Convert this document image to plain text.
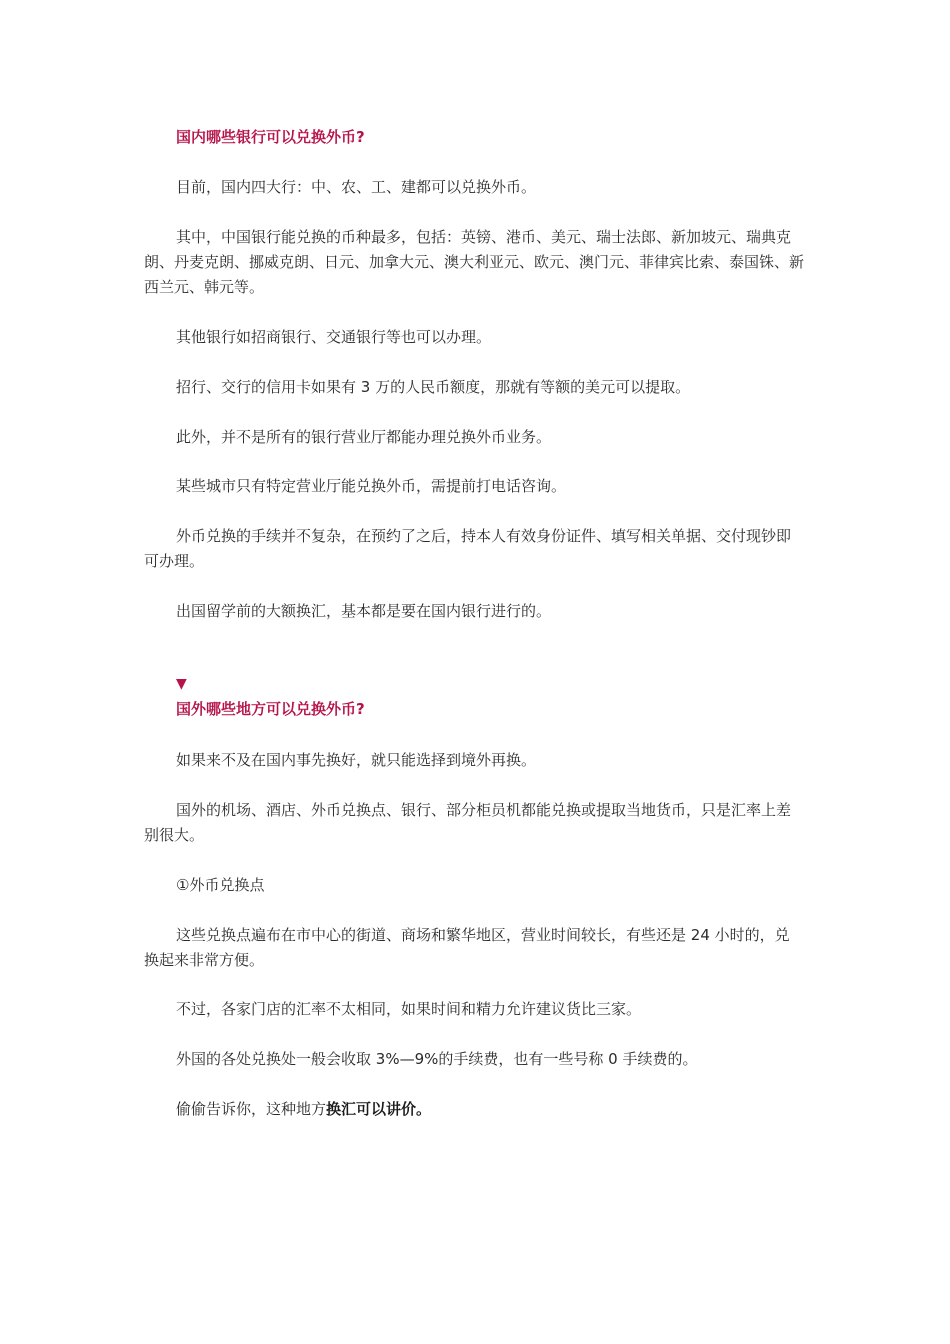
国内哪些银行可以兑换外币?

目前，国内四大行：中、农、工、建都可以兑换外币。

其中，中国银行能兑换的币种最多，包括：英镑、港币、美元、瑞士法郎、新加坡元、瑞典克朗、丹麦克朗、挪威克朗、日元、加拿大元、澳大利亚元、欧元、澳门元、菲律宾比索、泰国铢、新西兰元、韩元等。

其他银行如招商银行、交通银行等也可以办理。

招行、交行的信用卡如果有 3 万的人民币额度，那就有等额的美元可以提取。

此外，并不是所有的银行营业厅都能办理兑换外币业务。

某些城市只有特定营业厅能兑换外币，需提前打电话咨询。

外币兑换的手续并不复杂，在预约了之后，持本人有效身份证件、填写相关单据、交付现钞即可办理。

出国留学前的大额换汇，基本都是要在国内银行进行的。

▼
国外哪些地方可以兑换外币?

如果来不及在国内事先换好，就只能选择到境外再换。

国外的机场、酒店、外币兑换点、银行、部分柜员机都能兑换或提取当地货币，只是汇率上差别很大。

①外币兑换点

这些兑换点遍布在市中心的街道、商场和繁华地区，营业时间较长，有些还是 24 小时的，兑换起来非常方便。

不过，各家门店的汇率不太相同，如果时间和精力允许建议货比三家。

外国的各处兑换处一般会收取 3%—9%的手续费，也有一些号称 0 手续费的。

偷偷告诉你，这种地方换汇可以讲价。
